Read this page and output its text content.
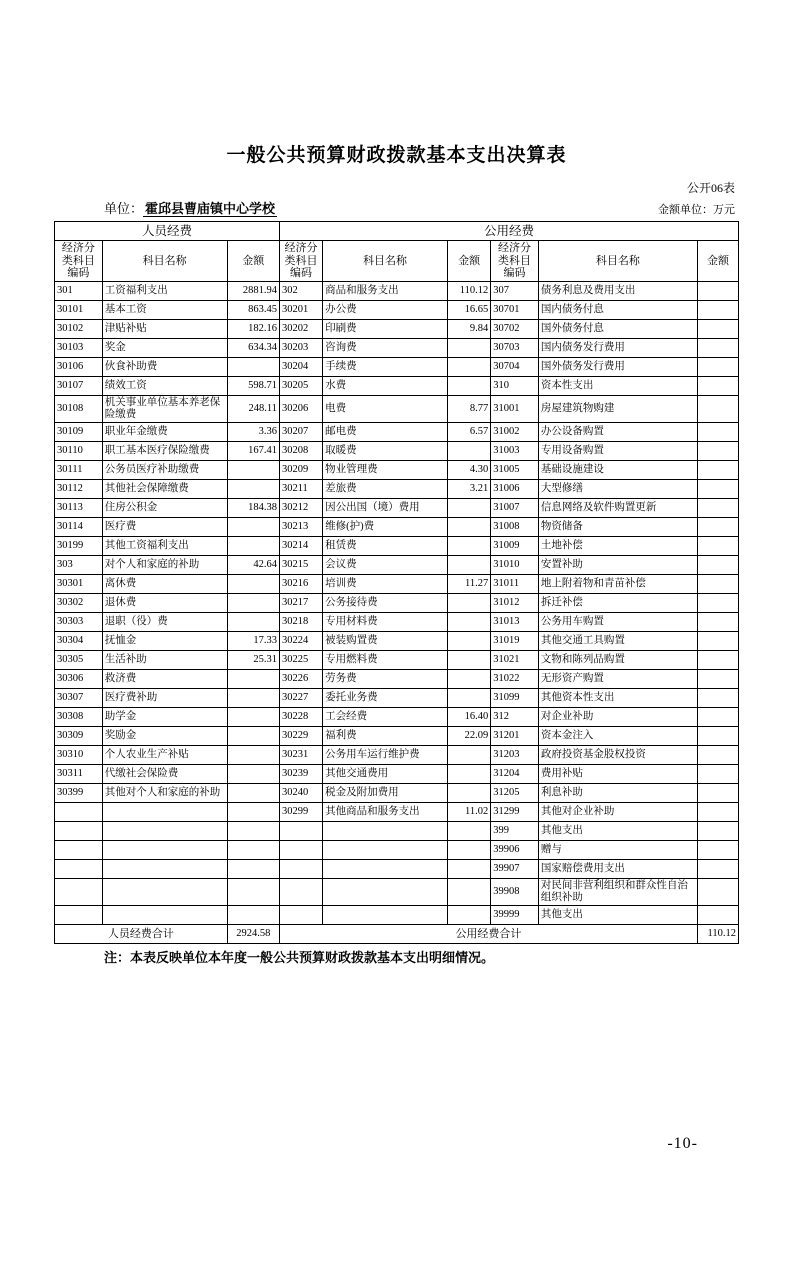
一般公共预算财政拨款基本支出决算表
公开06表
单位： 霍邱县曹庙镇中心学校	金额单位：万元
人员经费			公用经费					
经济分类科目编码	科目名称	金额	经济分类科目编码	科目名称	金额	经济分类科目编码	科目名称	金额
301	工资福利支出	2881.94	302	商品和服务支出	110.12	307	债务利息及费用支出	
30101	基本工资	863.45	30201	办公费	16.65	30701	国内债务付息	
30102	津贴补贴	182.16	30202	印刷费	9.84	30702	国外债务付息	
30103	奖金	634.34	30203	咨询费		30703	国内债务发行费用	
30106	伙食补助费		30204	手续费		30704	国外债务发行费用	
30107	绩效工资	598.71	30205	水费		310	资本性支出	
30108	机关事业单位基本养老保险缴费	248.11	30206	电费	8.77	31001	房屋建筑物购建	
30109	职业年金缴费	3.36	30207	邮电费	6.57	31002	办公设备购置	
30110	职工基本医疗保险缴费	167.41	30208	取暖费		31003	专用设备购置	
30111	公务员医疗补助缴费		30209	物业管理费	4.30	31005	基础设施建设	
30112	其他社会保障缴费		30211	差旅费	3.21	31006	大型修缮	
30113	住房公积金	184.38	30212	因公出国（境）费用		31007	信息网络及软件购置更新	
30114	医疗费		30213	维修(护)费		31008	物资储备	
30199	其他工资福利支出		30214	租赁费		31009	土地补偿	
303	对个人和家庭的补助	42.64	30215	会议费		31010	安置补助	
30301	离休费		30216	培训费	11.27	31011	地上附着物和青苗补偿	
30302	退休费		30217	公务接待费		31012	拆迁补偿	
30303	退职（役）费		30218	专用材料费		31013	公务用车购置	
30304	抚恤金	17.33	30224	被装购置费		31019	其他交通工具购置	
30305	生活补助	25.31	30225	专用燃料费		31021	文物和陈列品购置	
30306	救济费		30226	劳务费		31022	无形资产购置	
30307	医疗费补助		30227	委托业务费		31099	其他资本性支出	
30308	助学金		30228	工会经费	16.40	312	对企业补助	
30309	奖励金		30229	福利费	22.09	31201	资本金注入	
30310	个人农业生产补贴		30231	公务用车运行维护费		31203	政府投资基金股权投资	
30311	代缴社会保险费		30239	其他交通费用		31204	费用补贴	
30399	其他对个人和家庭的补助		30240	税金及附加费用		31205	利息补助	
			30299	其他商品和服务支出	11.02	31299	其他对企业补助	
						399	其他支出	
						39906	赠与	
						39907	国家赔偿费用支出	
						39908	对民间非营利组织和群众性自治组织补助	
						39999	其他支出	
人员经费合计		2924.58	公用经费合计					110.12
注：本表反映单位本年度一般公共预算财政拨款基本支出明细情况。
-10-
